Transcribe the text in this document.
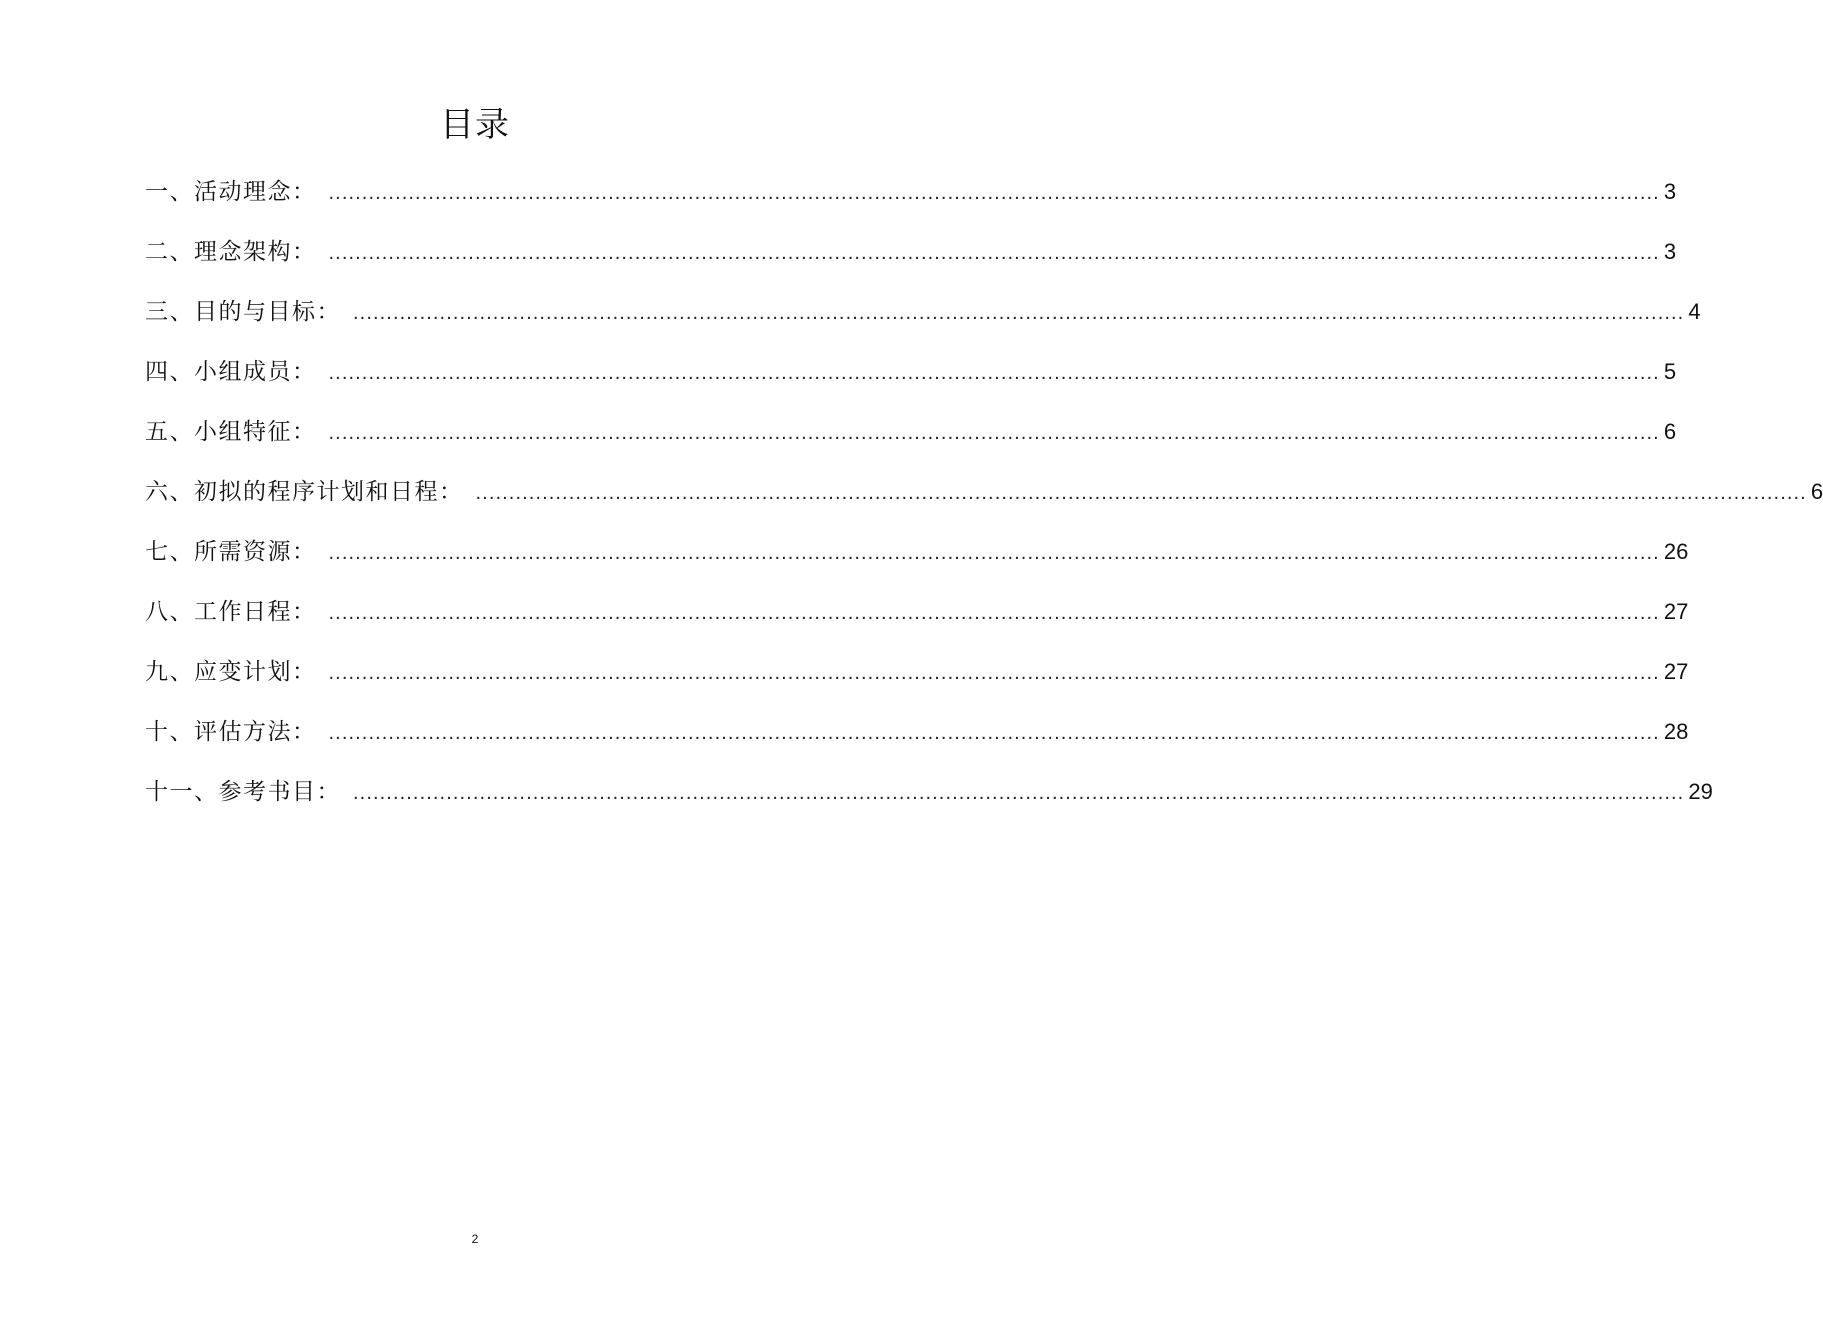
目录
一、活动理念： ........................................................................................................................................................................................................ 3
二、理念架构： ........................................................................................................................................................................................................ 3
三、目的与目标： ........................................................................................................................................................................................................ 4
四、小组成员： ........................................................................................................................................................................................................ 5
五、小组特征： ........................................................................................................................................................................................................ 6
六、初拟的程序计划和日程： ........................................................................................................................................................................................................ 6
七、所需资源： ........................................................................................................................................................................................................ 26
八、工作日程： ........................................................................................................................................................................................................ 27
九、应变计划： ........................................................................................................................................................................................................ 27
十、评估方法： ........................................................................................................................................................................................................ 28
十一、参考书目： ........................................................................................................................................................................................................ 29
2
